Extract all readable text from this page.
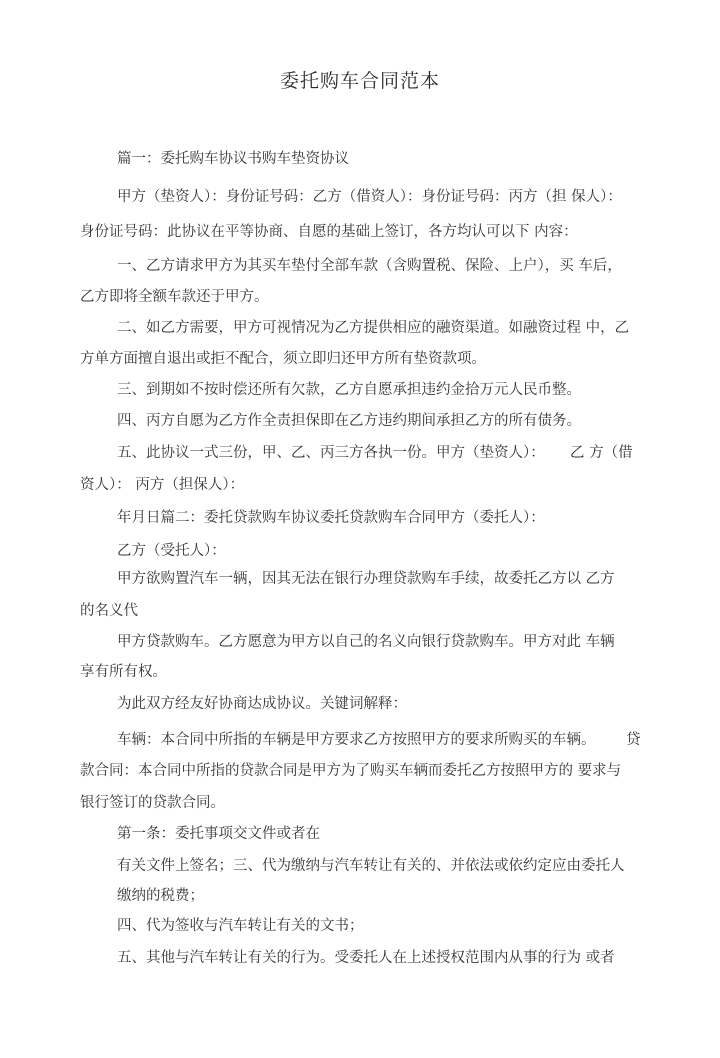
委托购车合同范本
篇一：委托购车协议书购车垫资协议
甲方（垫资人）：身份证号码：乙方（借资人）：身份证号码：丙方（担 保人）：
身份证号码：此协议在平等协商、自愿的基础上签订，各方均认可以下 内容：
一、乙方请求甲方为其买车垫付全部车款（含购置税、保险、上户），买 车后，
乙方即将全额车款还于甲方。
二、如乙方需要，甲方可视情况为乙方提供相应的融资渠道。如融资过程 中，乙
方单方面擅自退出或拒不配合，须立即归还甲方所有垫资款项。
三、到期如不按时偿还所有欠款，乙方自愿承担违约金拾万元人民币整。
四、丙方自愿为乙方作全责担保即在乙方违约期间承担乙方的所有债务。
五、此协议一式三份，甲、乙、丙三方各执一份。甲方（垫资人）： 乙 方（借
资人）： 丙方（担保人）：
年月日篇二：委托贷款购车协议委托贷款购车合同甲方（委托人）：
乙方（受托人）：
甲方欲购置汽车一辆，因其无法在银行办理贷款购车手续，故委托乙方以 乙方
的名义代
甲方贷款购车。乙方愿意为甲方以自己的名义向银行贷款购车。甲方对此 车辆
享有所有权。
为此双方经友好协商达成协议。关键词解释：
车辆：本合同中所指的车辆是甲方要求乙方按照甲方的要求所购买的车辆。 贷
款合同：本合同中所指的贷款合同是甲方为了购买车辆而委托乙方按照甲方的 要求与
银行签订的贷款合同。
第一条：委托事项交文件或者在
有关文件上签名；三、代为缴纳与汽车转让有关的、并依法或依约定应由委托人
缴纳的税费；
四、代为签收与汽车转让有关的文书；
五、其他与汽车转让有关的行为。受委托人在上述授权范围内从事的行为 或者
